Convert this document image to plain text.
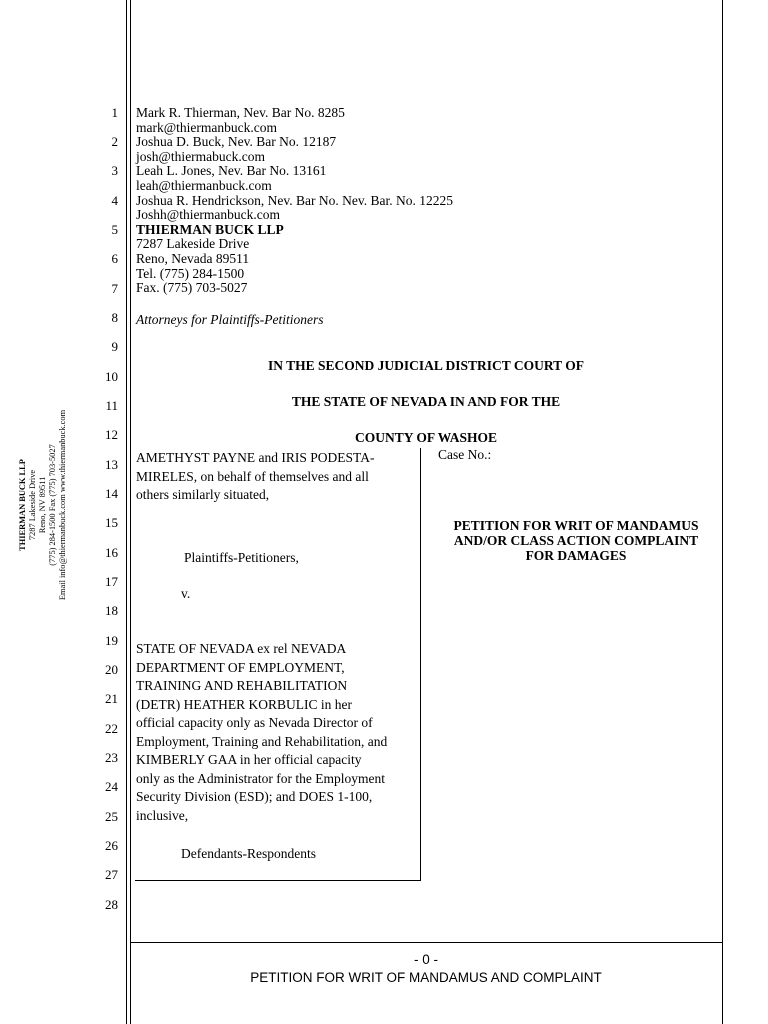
THIERMAN BUCK LLP 7287 Lakeside Drive Reno, NV 89511 (775) 284-1500 Fax (775) 703-5027 Email info@thiermanbuck.com www.thiermanbuck.com
1
2
3
4
5
6
7
8
9
10
11
12
13
14
15
16
17
18
19
20
21
22
23
24
25
26
27
28
Mark R. Thierman, Nev. Bar No. 8285
mark@thiermanbuck.com
Joshua D. Buck, Nev. Bar No. 12187
josh@thiermabuck.com
Leah L. Jones, Nev. Bar No. 13161
leah@thiermanbuck.com
Joshua R. Hendrickson, Nev. Bar No. Nev. Bar. No. 12225
Joshh@thiermanbuck.com
THIERMAN BUCK LLP
7287 Lakeside Drive
Reno, Nevada 89511
Tel. (775) 284-1500
Fax. (775) 703-5027
Attorneys for Plaintiffs-Petitioners
IN THE SECOND JUDICIAL DISTRICT COURT OF
THE STATE OF NEVADA IN AND FOR THE
COUNTY OF WASHOE
AMETHYST PAYNE and IRIS PODESTA-
MIRELES, on behalf of themselves and all
others similarly situated,
Plaintiffs-Petitioners,
v.
STATE OF NEVADA ex rel NEVADA
DEPARTMENT OF EMPLOYMENT,
TRAINING AND REHABILITATION
(DETR) HEATHER KORBULIC in her
official capacity only as Nevada Director of
Employment, Training and Rehabilitation, and
KIMBERLY GAA in her official capacity
only as the Administrator for the Employment
Security Division (ESD); and DOES 1-100,
inclusive,
Defendants-Respondents
Case No.:
PETITION FOR WRIT OF MANDAMUS
AND/OR CLASS ACTION COMPLAINT
FOR DAMAGES
- 0 -
PETITION FOR WRIT OF MANDAMUS AND COMPLAINT
